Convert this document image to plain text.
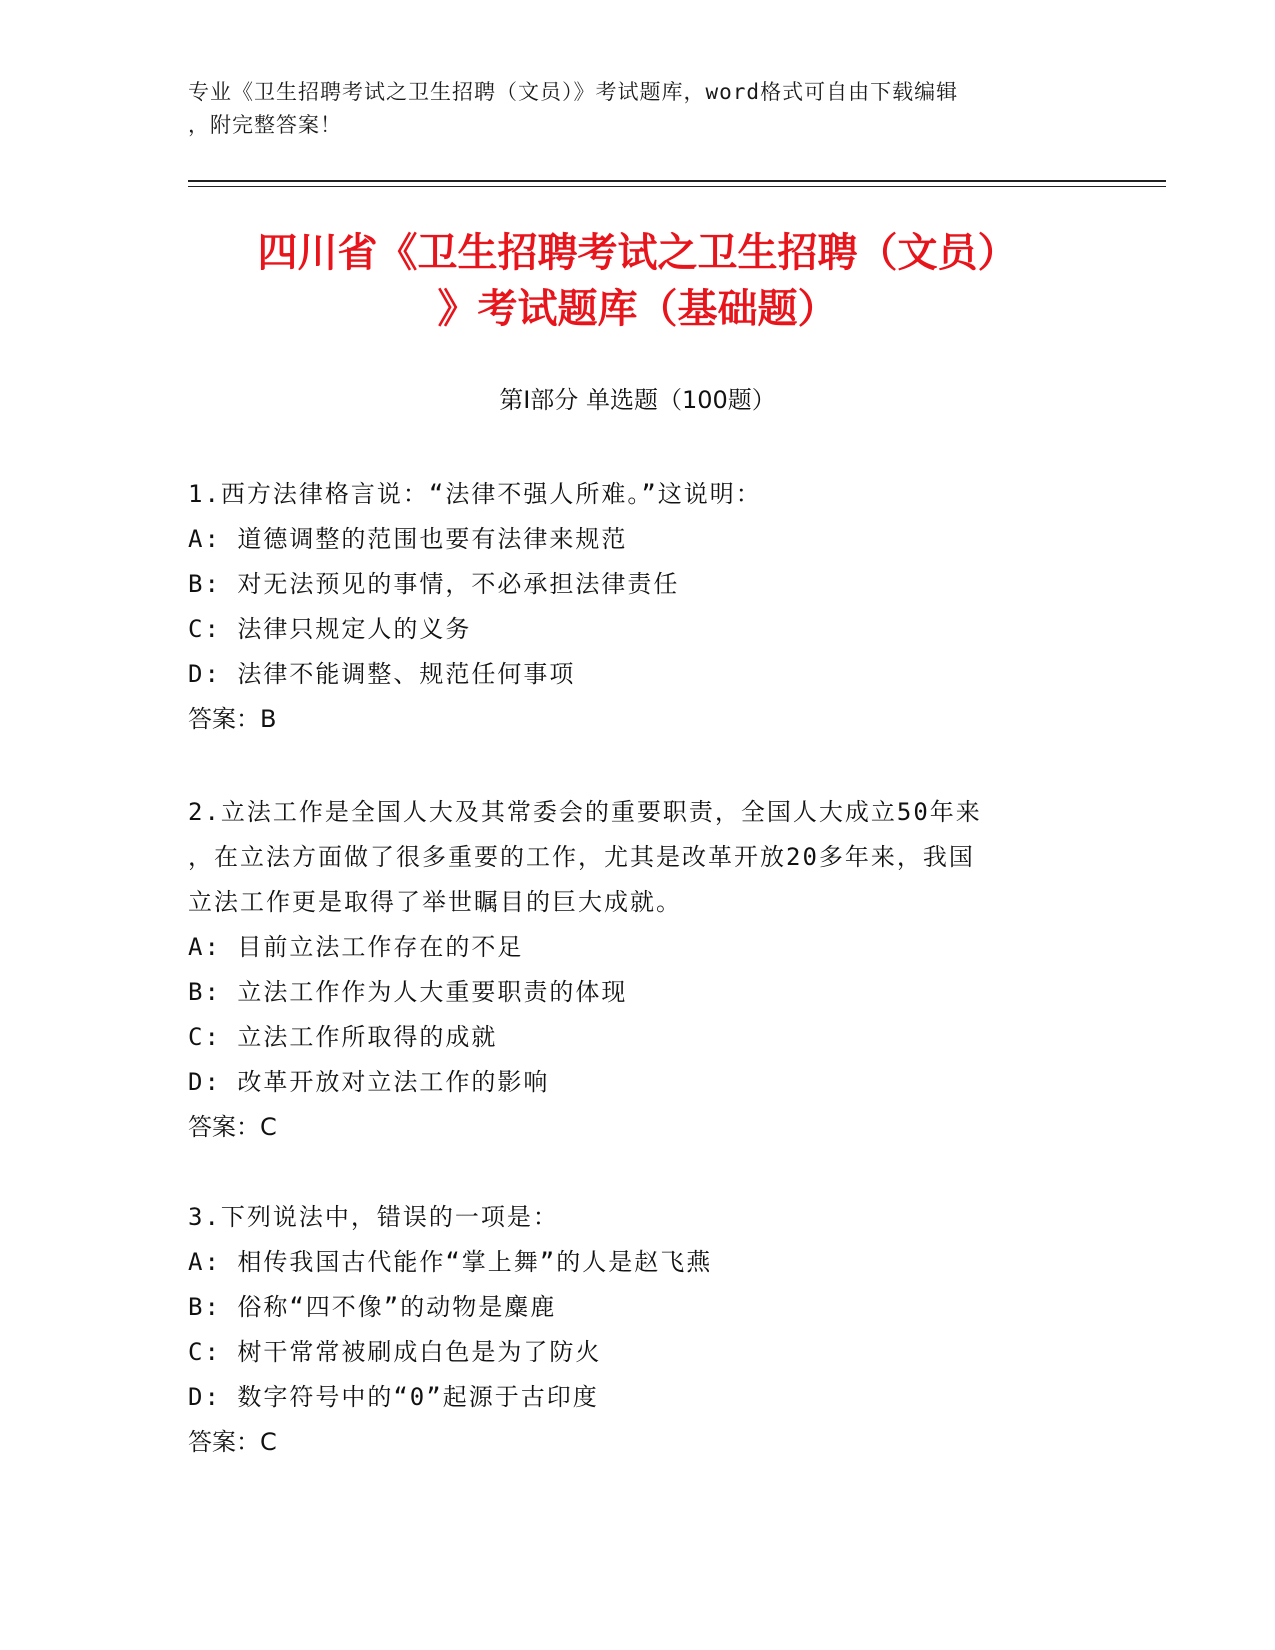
专业《卫生招聘考试之卫生招聘（文员）》考试题库，word格式可自由下载编辑
，附完整答案！
四川省《卫生招聘考试之卫生招聘（文员）
》考试题库（基础题）
第Ⅰ部分 单选题（100题）

1.西方法律格言说：“法律不强人所难。”这说明：

A: 道德调整的范围也要有法律来规范

B: 对无法预见的事情，不必承担法律责任

C: 法律只规定人的义务

D: 法律不能调整、规范任何事项

答案：B

2.立法工作是全国人大及其常委会的重要职责，全国人大成立50年来

，在立法方面做了很多重要的工作，尤其是改革开放20多年来，我国

立法工作更是取得了举世瞩目的巨大成就。

A: 目前立法工作存在的不足

B: 立法工作作为人大重要职责的体现

C: 立法工作所取得的成就

D: 改革开放对立法工作的影响

答案：C

3.下列说法中，错误的一项是：

A: 相传我国古代能作“掌上舞”的人是赵飞燕

B: 俗称“四不像”的动物是麋鹿

C: 树干常常被刷成白色是为了防火

D: 数字符号中的“0”起源于古印度

答案：C
